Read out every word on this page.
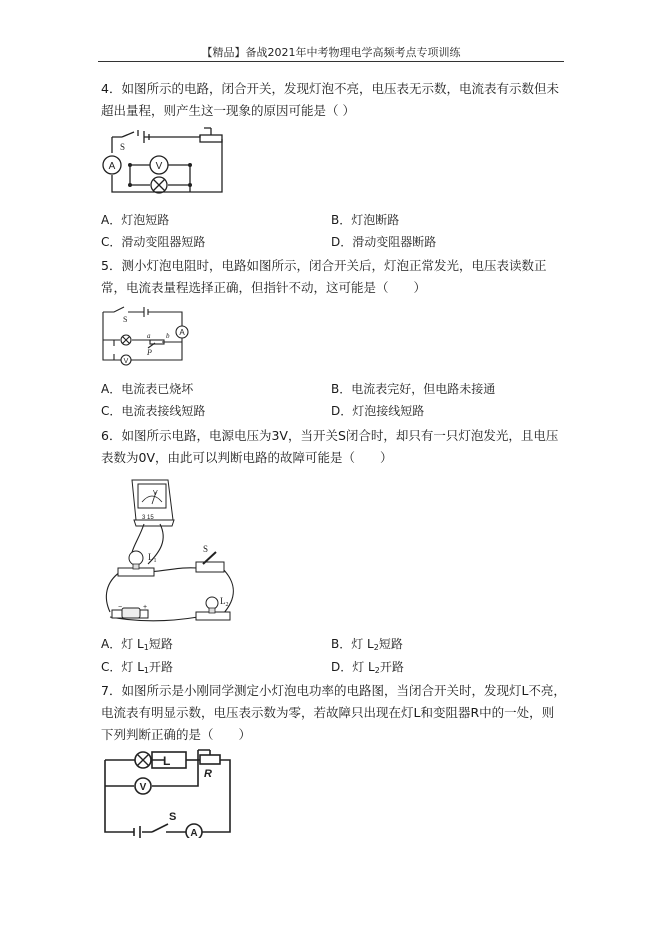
【精品】备战2021年中考物理电学高频考点专项训练
4．如图所示的电路，闭合开关，发现灯泡不亮，电压表无示数，电流表有示数但未超出量程，则产生这一现象的原因可能是（ ）
S
A	V
A．灯泡短路	B．灯泡断路
C．滑动变阻器短路	D．滑动变阻器断路
5．测小灯泡电阻时，电路如图所示，闭合开关后，灯泡正常发光，电压表读数正常，电流表量程选择正确，但指针不动，这可能是（　　）
S
A
V
a b
P
A．电流表已烧坏	B．电流表完好，但电路未接通
C．电流表接线短路	D．灯泡接线短路
6．如图所示电路，电源电压为3V，当开关S闭合时，却只有一只灯泡发光，且电压表数为0V，由此可以判断电路的故障可能是（　　）
V
3 15
$L_1$
S
−	+
$L_2$
A．灯 $L_1$短路	B．灯 $L_2$短路
C．灯 $L_1$开路	D．灯 $L_2$开路
7．如图所示是小刚同学测定小灯泡电功率的电路图，当闭合开关时，发现灯L不亮，电流表有明显示数，电压表示数为零，若故障只出现在灯L和变阻器R中的一处，则下列判断正确的是（　　）
L
R
V
S
A
